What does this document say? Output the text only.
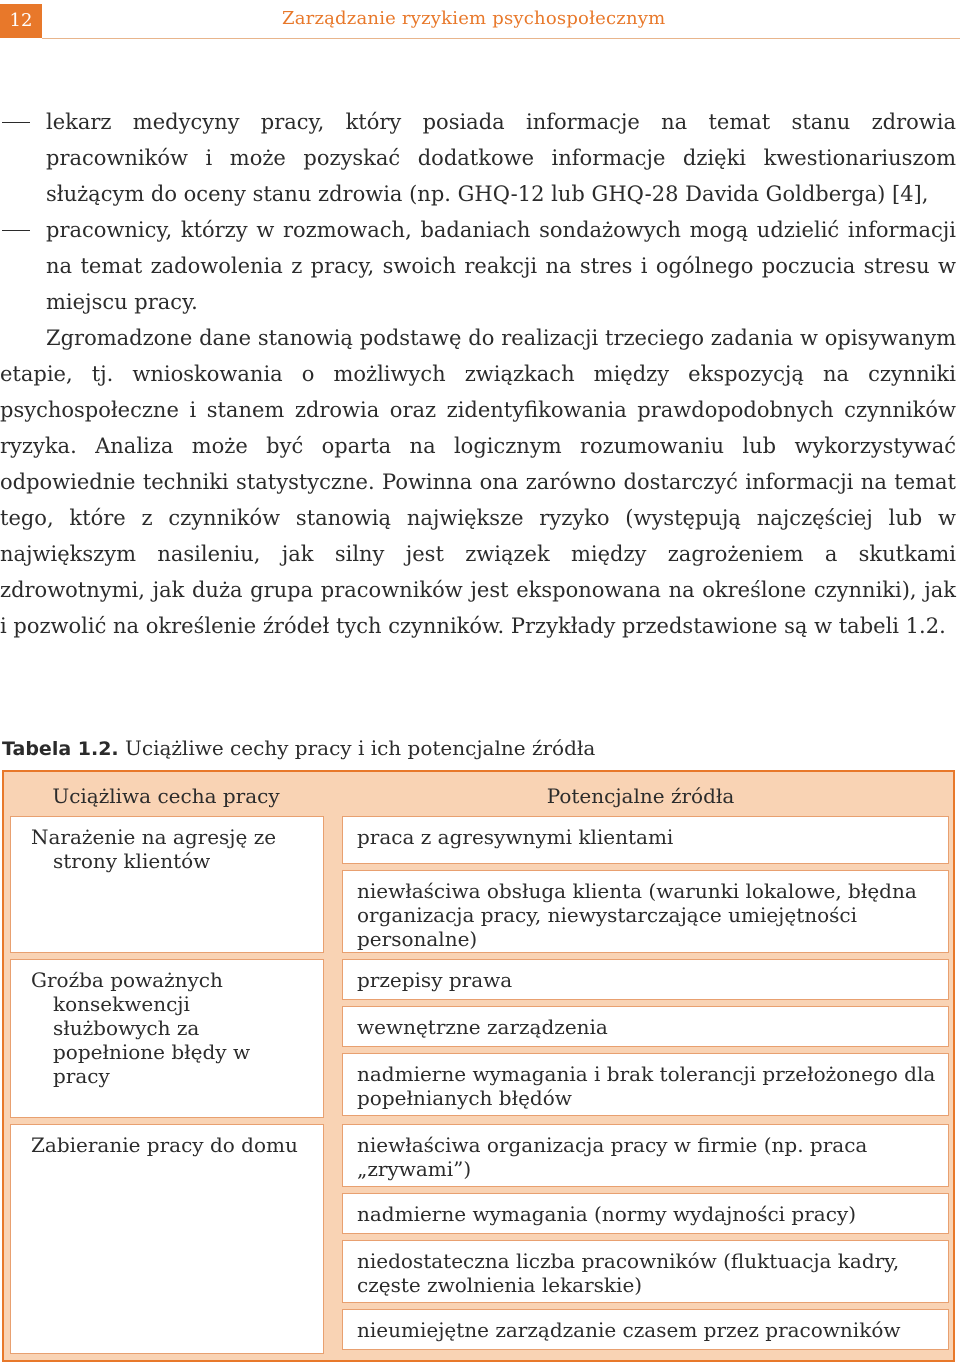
12	Zarządzanie ryzykiem psychospołecznym
lekarz medycyny pracy, który posiada informacje na temat stanu zdrowia pracowników i może pozyskać dodatkowe informacje dzięki kwestionariuszom służącym do oceny stanu zdrowia (np. GHQ-12 lub GHQ-28 Davida Goldberga) [4],
pracownicy, którzy w rozmowach, badaniach sondażowych mogą udzielić informacji na temat zadowolenia z pracy, swoich reakcji na stres i ogólnego poczucia stresu w miejscu pracy.

Zgromadzone dane stanowią podstawę do realizacji trzeciego zadania w opisywanym etapie, tj. wnioskowania o możliwych związkach między ekspozycją na czynniki psychospołeczne i stanem zdrowia oraz zidentyfikowania prawdopodobnych czynników ryzyka. Analiza może być oparta na logicznym rozumowaniu lub wykorzystywać odpowiednie techniki statystyczne. Powinna ona zarówno dostarczyć informacji na temat tego, które z czynników stanowią największe ryzyko (występują najczęściej lub w największym nasileniu, jak silny jest związek między zagrożeniem a skutkami zdrowotnymi, jak duża grupa pracowników jest eksponowana na określone czynniki), jak i pozwolić na określenie źródeł tych czynników. Przykłady przedstawione są w tabeli 1.2.

Tabela 1.2. Uciążliwe cechy pracy i ich potencjalne źródła
Uciążliwa cecha pracy	Potencjalne źródła

Narażenie na agresję ze strony klientów	praca z agresywnymi klientami
niewłaściwa obsługa klienta (warunki lokalowe, błędna organizacja pracy, niewystarczające umiejętności personalne)

Groźba poważnych konsekwencji służbowych za popełnione błędy w pracy	przepisy prawa
wewnętrzne zarządzenia
nadmierne wymagania i brak tolerancji przełożonego dla popełnianych błędów

Zabieranie pracy do domu	niewłaściwa organizacja pracy w firmie (np. praca „zrywami”)
nadmierne wymagania (normy wydajności pracy)
niedostateczna liczba pracowników (fluktuacja kadry, częste zwolnienia lekarskie)
nieumiejętne zarządzanie czasem przez pracowników
